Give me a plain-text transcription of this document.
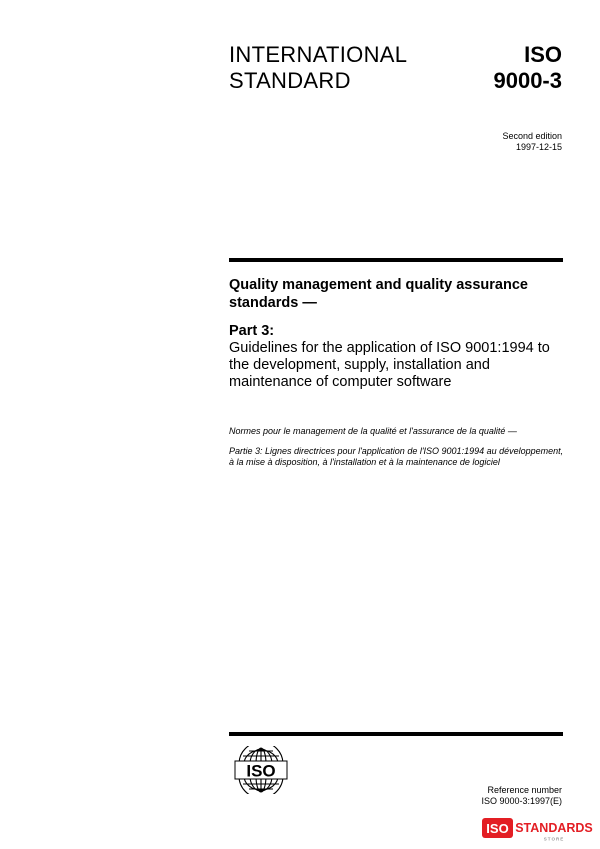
INTERNATIONAL
STANDARD
ISO
9000-3
Second edition
1997-12-15
Quality management and quality assurance standards —
Part 3:
Guidelines for the application of ISO 9001:1994 to the development, supply, installation and maintenance of computer software
Normes pour le management de la qualité et l'assurance de la qualité —
Partie 3: Lignes directrices pour l'application de l'ISO 9001:1994 au développement, à la mise à disposition, à l'installation et à la maintenance de logiciel
ISO
Reference number
ISO 9000-3:1997(E)
ISO STANDARDS
STORE
